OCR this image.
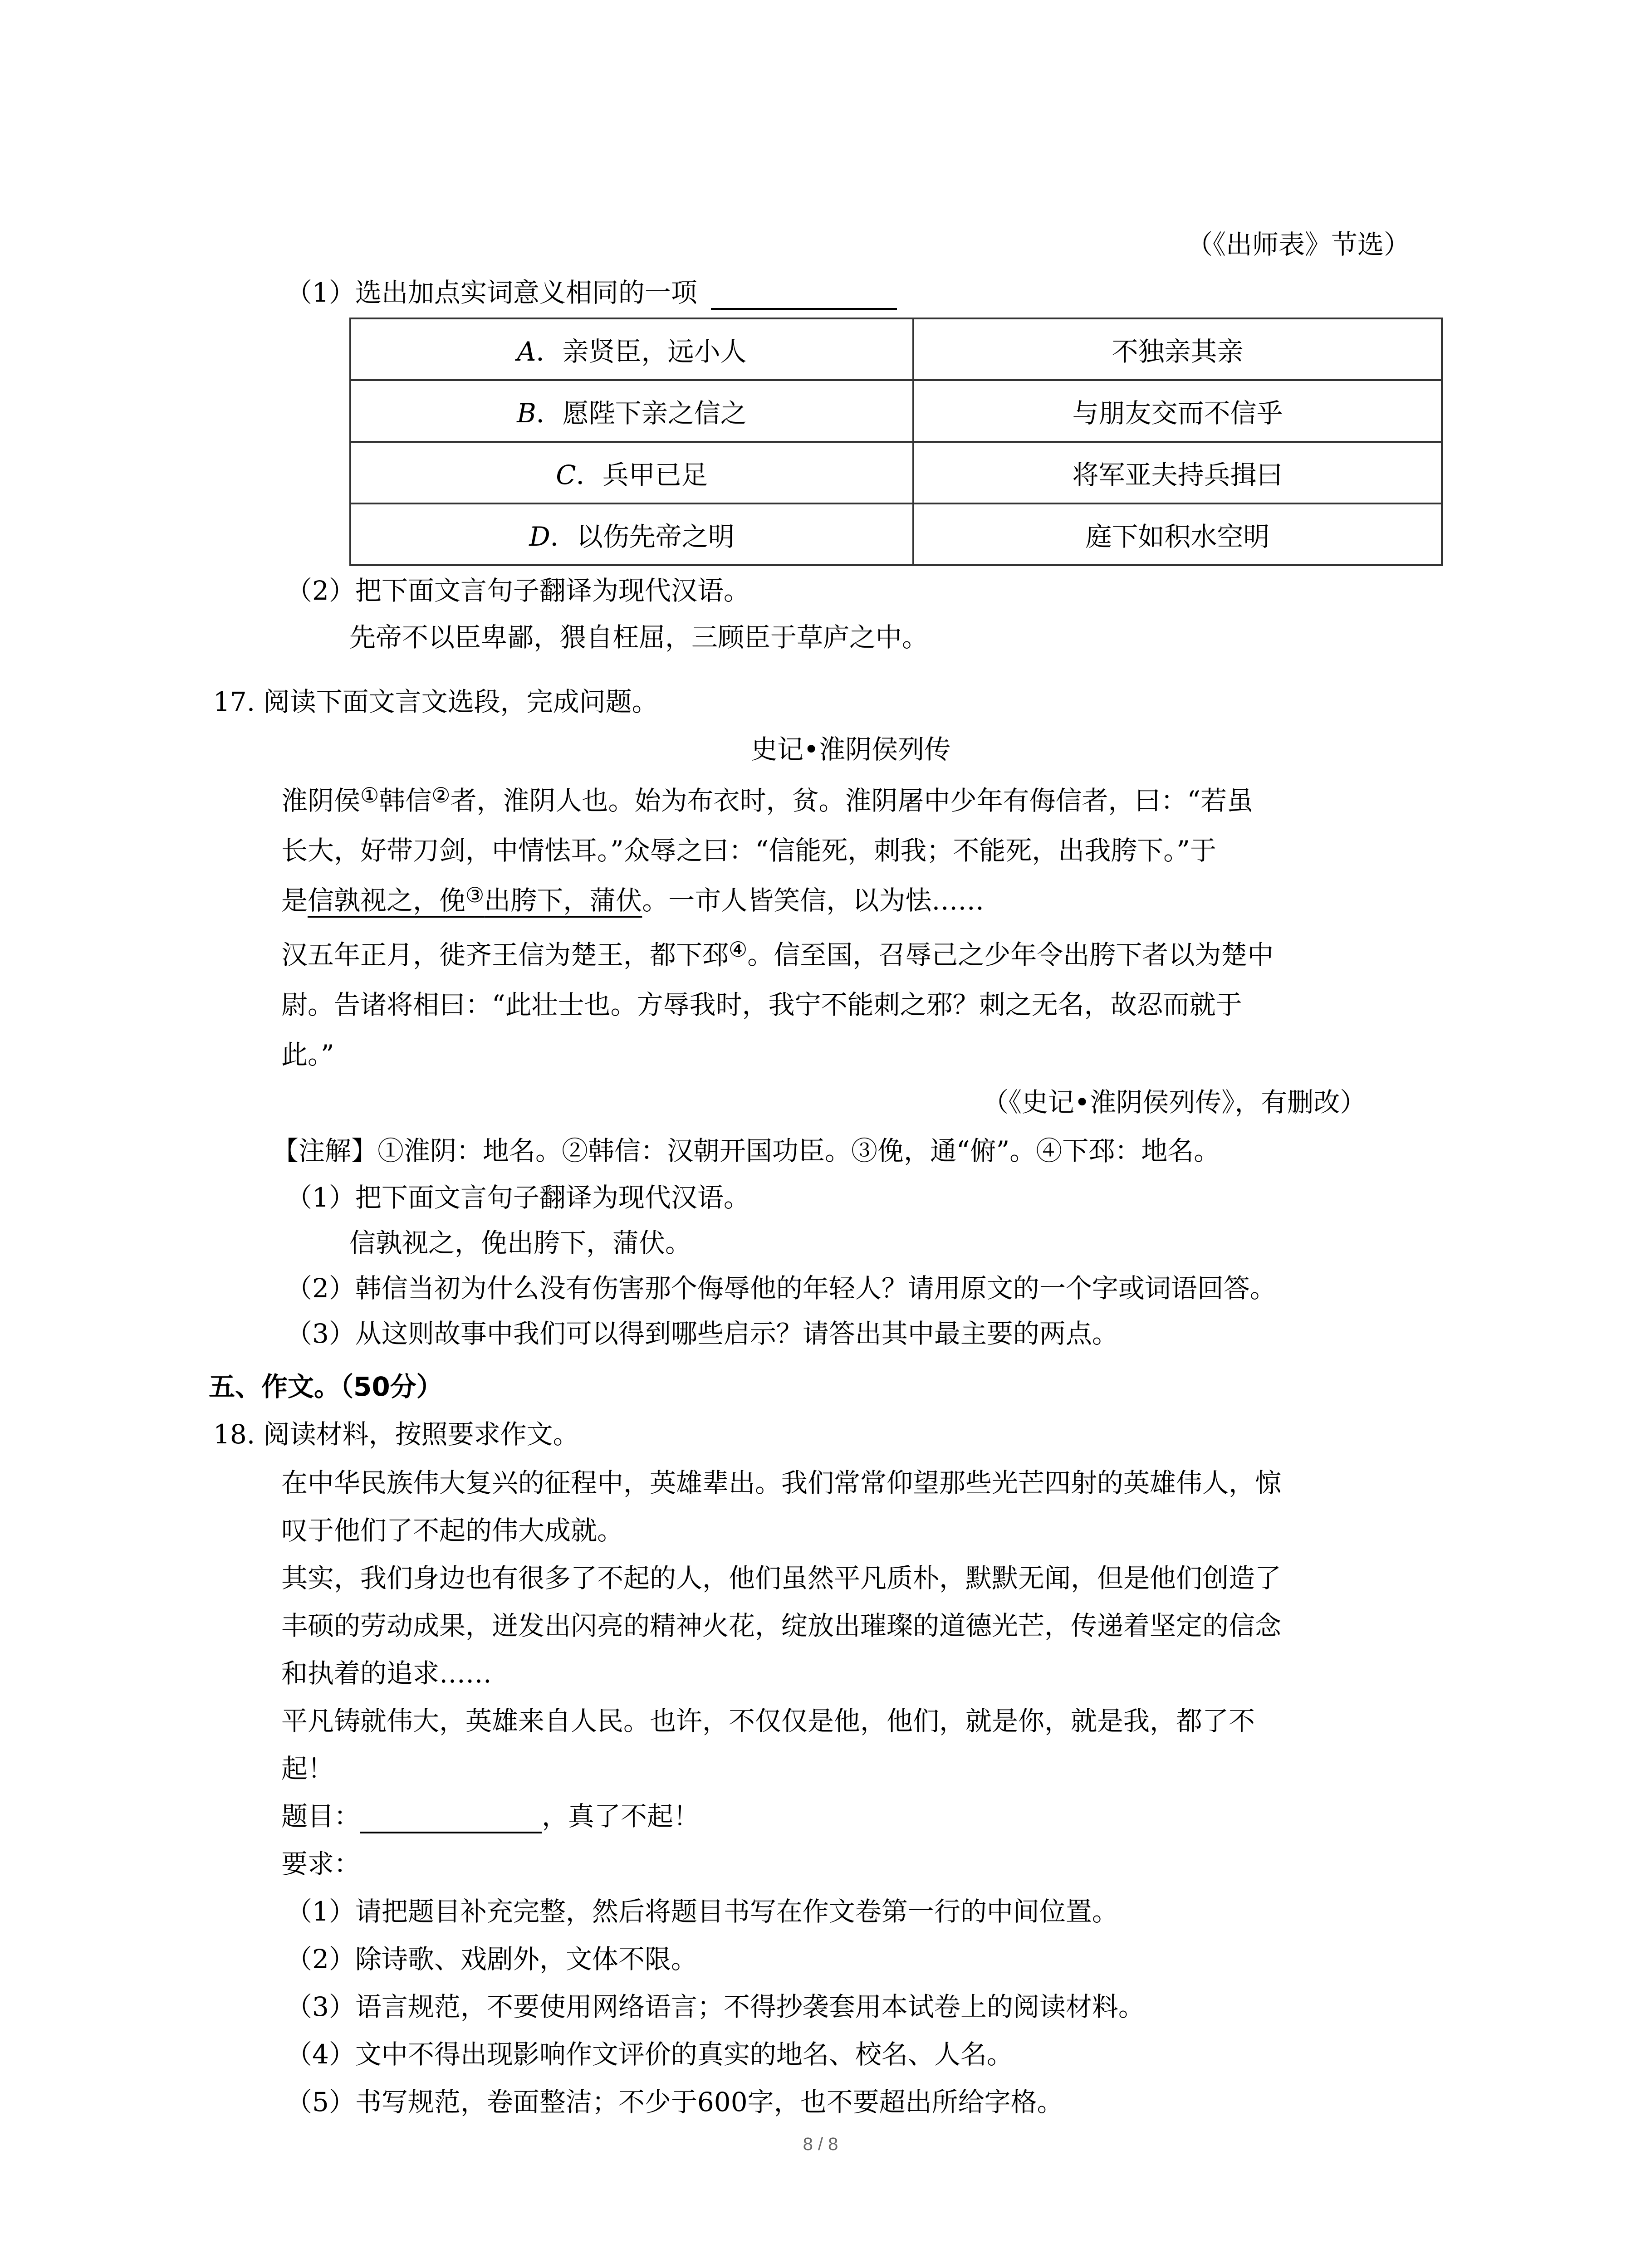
（《出师表》节选）
（1）选出加点实词意义相同的一项
A．亲贤臣，远小人	不独亲其亲
B．愿陛下亲之信之	与朋友交而不信乎
C．兵甲已足	将军亚夫持兵揖曰
D．以伤先帝之明	庭下如积水空明
（2）把下面文言句子翻译为现代汉语。
先帝不以臣卑鄙，猥自枉屈，三顾臣于草庐之中。
17. 阅读下面文言文选段，完成问题。
史记•淮阴侯列传
淮阴侯①韩信②者，淮阴人也。始为布衣时，贫。淮阴屠中少年有侮信者，曰：“若虽
长大，好带刀剑，中情怯耳。”众辱之曰：“信能死，刺我；不能死，出我胯下。”于
是信孰视之，俛③出胯下，蒲伏。一市人皆笑信，以为怯……
汉五年正月，徙齐王信为楚王，都下邳④。信至国，召辱己之少年令出胯下者以为楚中
尉。告诸将相曰：“此壮士也。方辱我时，我宁不能刺之邪？刺之无名，故忍而就于
此。”
（《史记•淮阴侯列传》，有删改）
【注解】①淮阴：地名。②韩信：汉朝开国功臣。③俛，通“俯”。④下邳：地名。
（1）把下面文言句子翻译为现代汉语。
信孰视之，俛出胯下，蒲伏。
（2）韩信当初为什么没有伤害那个侮辱他的年轻人？请用原文的一个字或词语回答。
（3）从这则故事中我们可以得到哪些启示？请答出其中最主要的两点。
五、作文。（50分）
18. 阅读材料，按照要求作文。
在中华民族伟大复兴的征程中，英雄辈出。我们常常仰望那些光芒四射的英雄伟人，惊
叹于他们了不起的伟大成就。
其实，我们身边也有很多了不起的人，他们虽然平凡质朴，默默无闻，但是他们创造了
丰硕的劳动成果，迸发出闪亮的精神火花，绽放出璀璨的道德光芒，传递着坚定的信念
和执着的追求……
平凡铸就伟大，英雄来自人民。也许，不仅仅是他，他们，就是你，就是我，都了不
起！
题目：	，真了不起！
要求：
（1）请把题目补充完整，然后将题目书写在作文卷第一行的中间位置。
（2）除诗歌、戏剧外，文体不限。
（3）语言规范，不要使用网络语言；不得抄袭套用本试卷上的阅读材料。
（4）文中不得出现影响作文评价的真实的地名、校名、人名。
（5）书写规范，卷面整洁；不少于600字，也不要超出所给字格。
8 / 8
